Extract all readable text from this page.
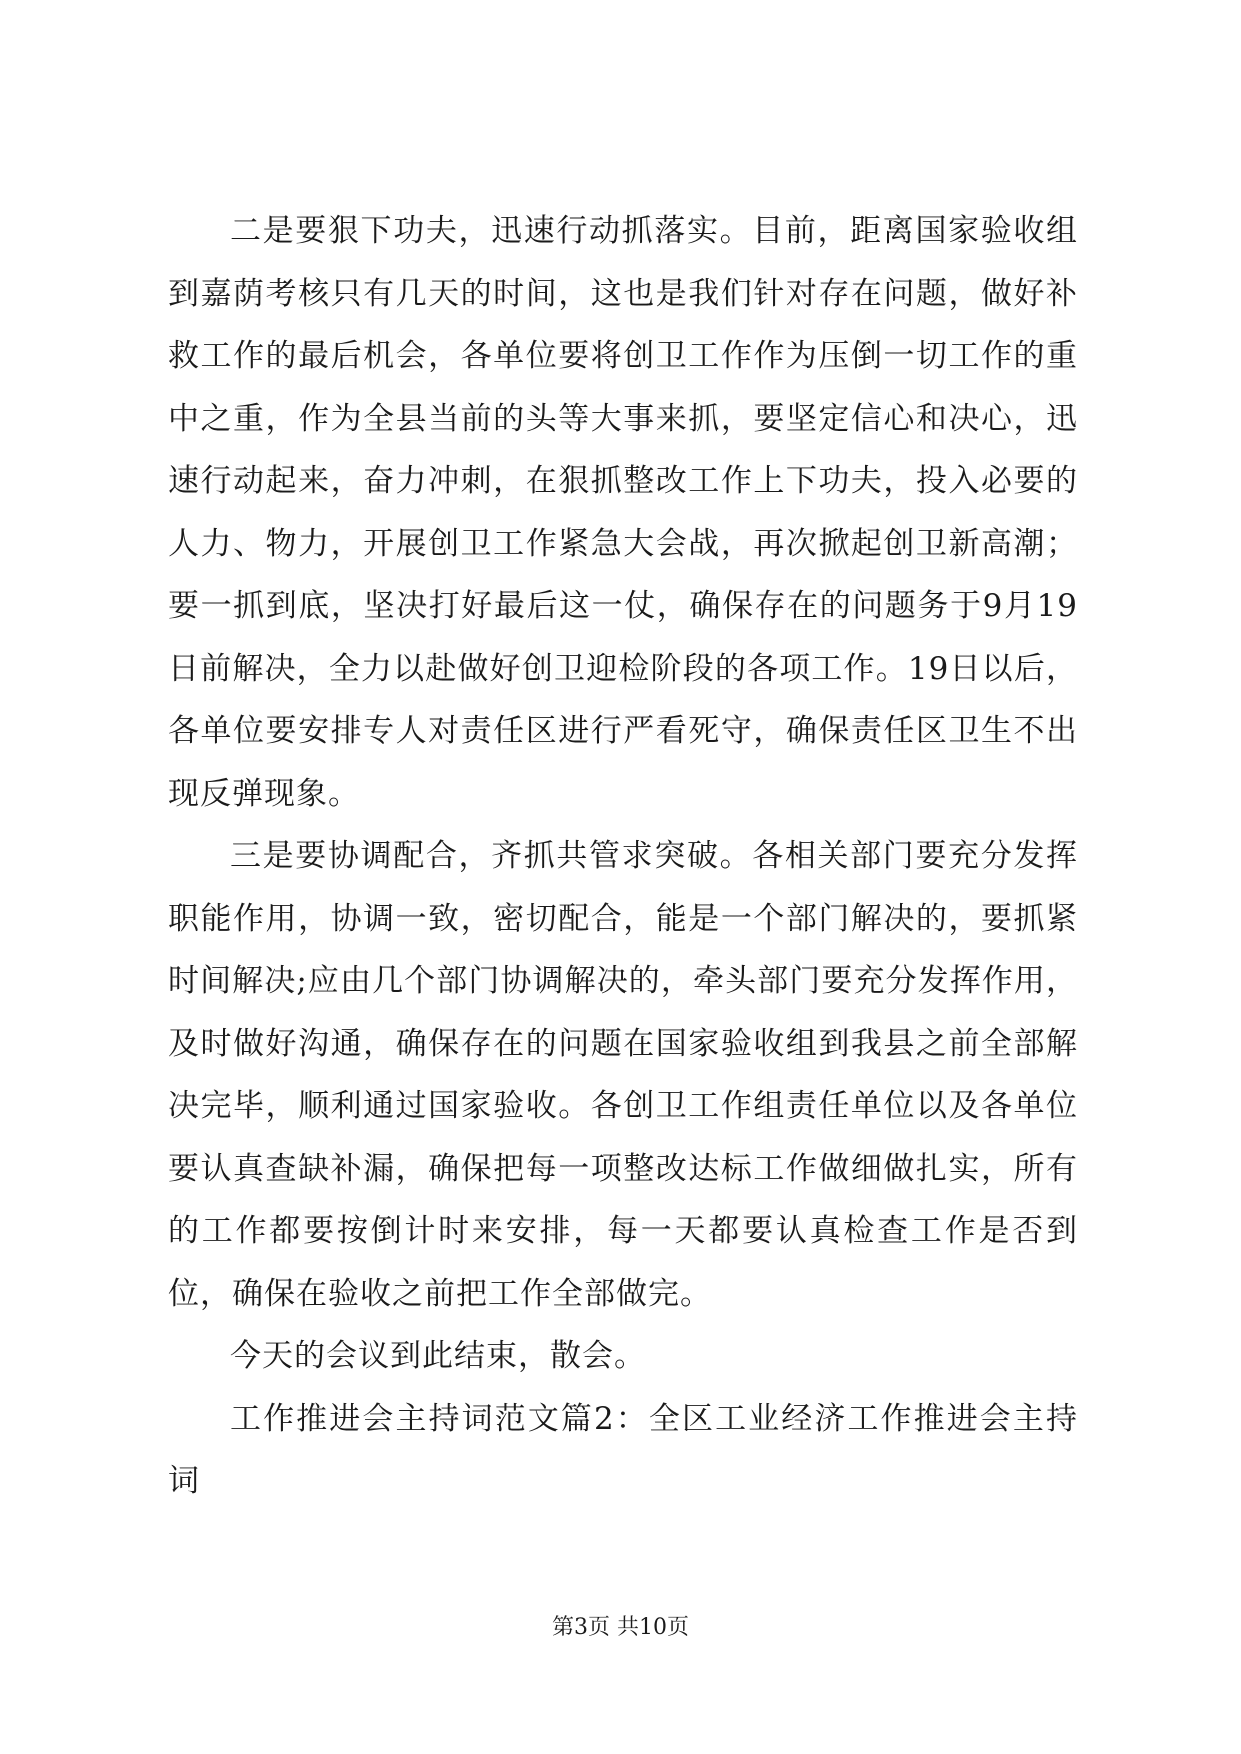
二是要狠下功夫，迅速行动抓落实。目前，距离国家验收组到嘉荫考核只有几天的时间，这也是我们针对存在问题，做好补救工作的最后机会，各单位要将创卫工作作为压倒一切工作的重中之重，作为全县当前的头等大事来抓，要坚定信心和决心，迅速行动起来，奋力冲刺，在狠抓整改工作上下功夫，投入必要的人力、物力，开展创卫工作紧急大会战，再次掀起创卫新高潮；要一抓到底，坚决打好最后这一仗，确保存在的问题务于9月19日前解决，全力以赴做好创卫迎检阶段的各项工作。19日以后，各单位要安排专人对责任区进行严看死守，确保责任区卫生不出现反弹现象。

三是要协调配合，齐抓共管求突破。各相关部门要充分发挥职能作用，协调一致，密切配合，能是一个部门解决的，要抓紧时间解决;应由几个部门协调解决的，牵头部门要充分发挥作用，及时做好沟通，确保存在的问题在国家验收组到我县之前全部解决完毕，顺利通过国家验收。各创卫工作组责任单位以及各单位要认真查缺补漏，确保把每一项整改达标工作做细做扎实，所有的工作都要按倒计时来安排，每一天都要认真检查工作是否到位，确保在验收之前把工作全部做完。

今天的会议到此结束，散会。

工作推进会主持词范文篇2：全区工业经济工作推进会主持词

第3页 共10页
